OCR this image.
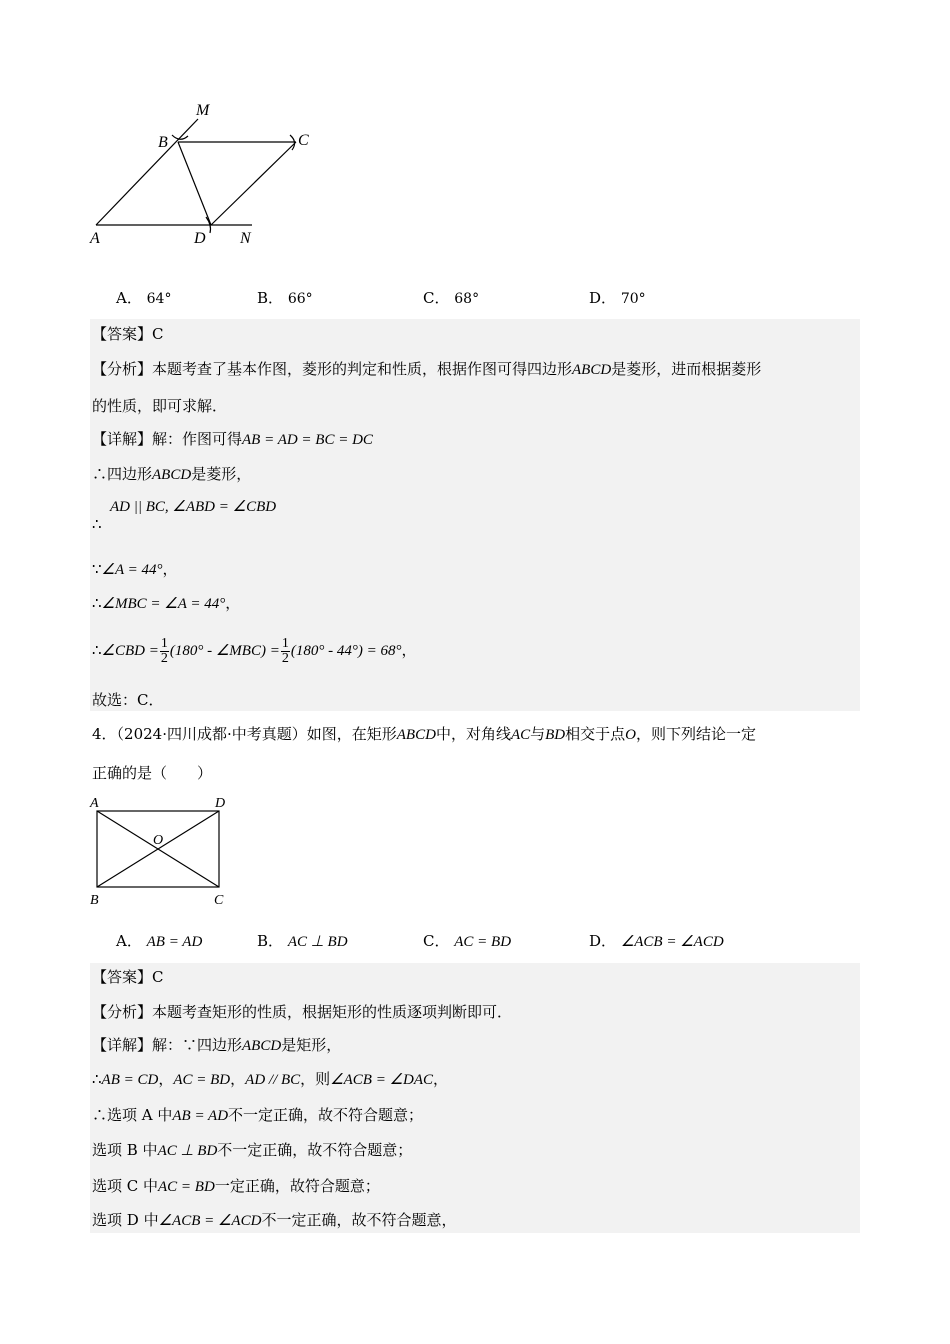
M
B	C
A	D N
A． 64°	B． 66°	C． 68°	D． 70°
【答案】C
【分析】本题考查了基本作图，菱形的判定和性质，根据作图可得四边形ABCD是菱形，进而根据菱形
的性质，即可求解．
【详解】解：作图可得AB = AD = BC = DC
∴四边形ABCD是菱形，
AD || BC, ∠ABD = ∠CBD
∴
∵∠A = 44°，
∴∠MBC = ∠A = 44°，
∴∠CBD = $\frac{1}{2} (180^\circ$ - ∠MBC) = $\frac{1}{2} (180^\circ - 44^\circ) = 68^\circ$，
故选：C．
4．（2024·四川成都·中考真题）如图，在矩形ABCD中，对角线AC与BD相交于点O，则下列结论一定
正确的是（　　）
A	D
O
B	C
A． AB = AD	B． AC ⊥ BD	C． AC = BD	D． ∠ACB = ∠ACD
【答案】C
【分析】本题考查矩形的性质，根据矩形的性质逐项判断即可．
【详解】解：∵四边形ABCD是矩形，
∴AB = CD，AC = BD，AD // BC，则∠ACB = ∠DAC，
∴选项 A 中AB = AD不一定正确，故不符合题意；
选项 B 中AC ⊥ BD不一定正确，故不符合题意；
选项 C 中AC = BD一定正确，故符合题意；
选项 D 中∠ACB = ∠ACD不一定正确，故不符合题意，
